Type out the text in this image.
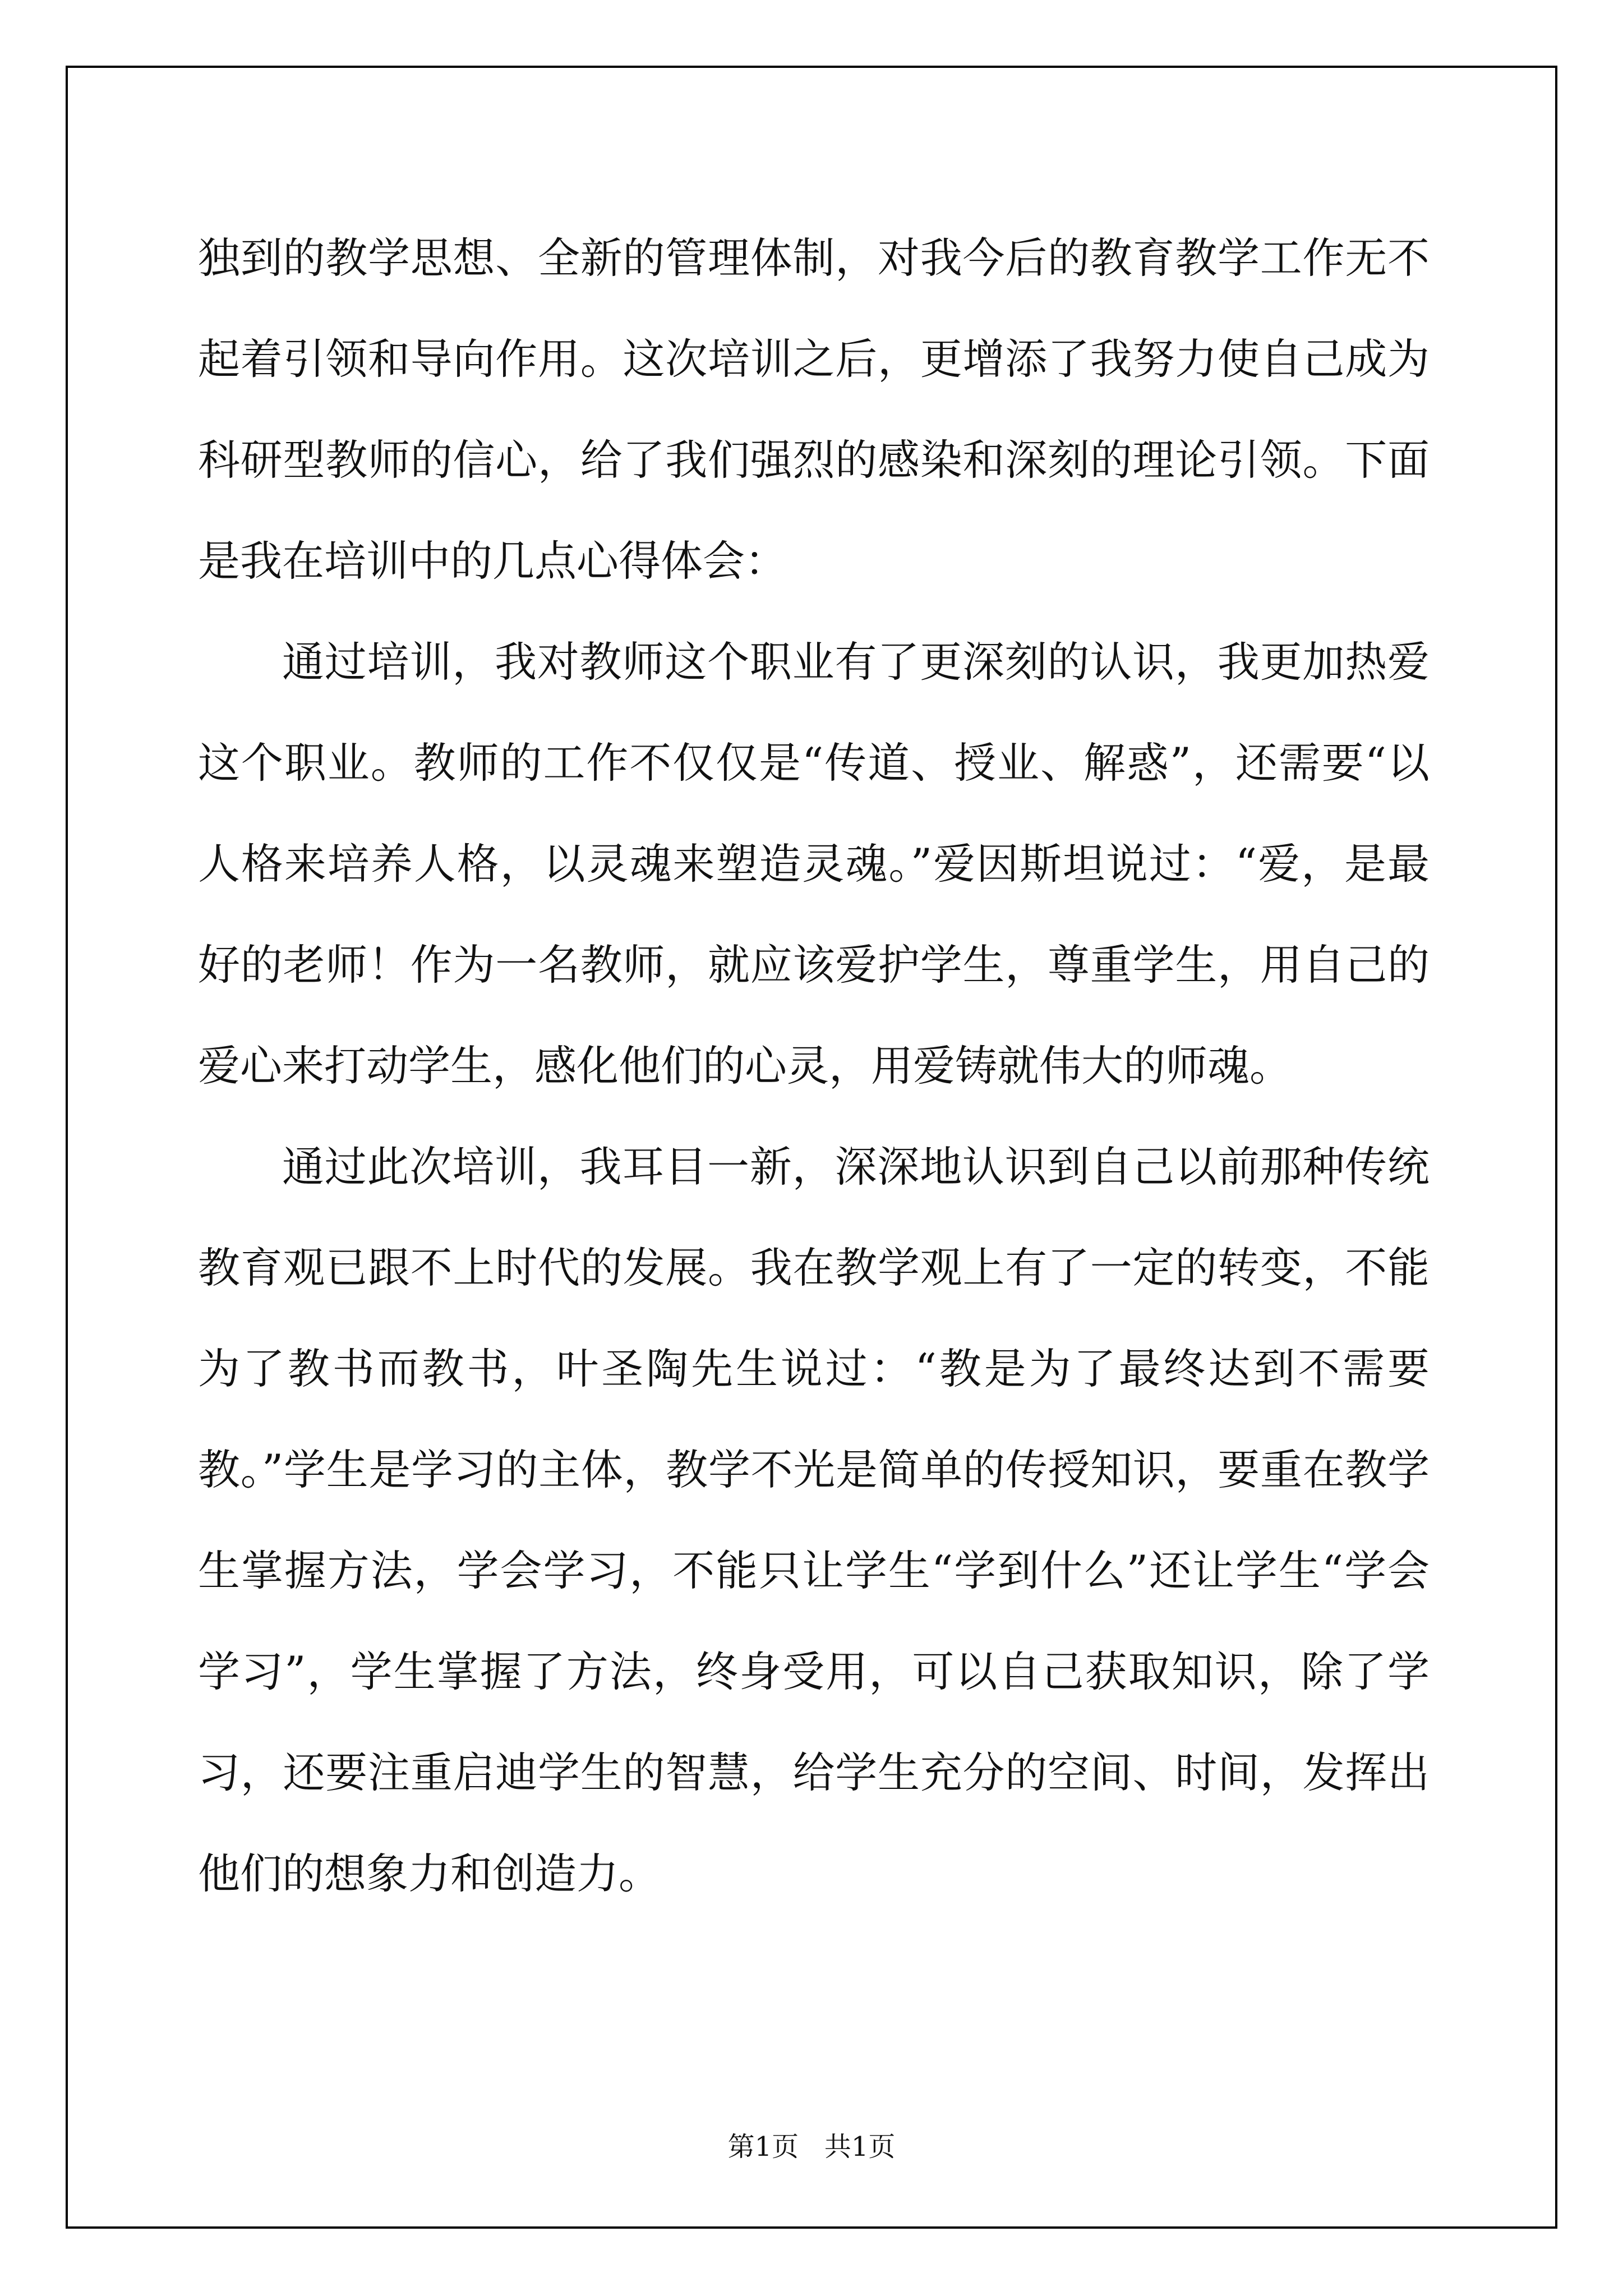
独到的教学思想、全新的管理体制，对我今后的教育教学工作无不起着引领和导向作用。这次培训之后，更增添了我努力使自己成为科研型教师的信心，给了我们强烈的感染和深刻的理论引领。下面是我在培训中的几点心得体会：

通过培训，我对教师这个职业有了更深刻的认识，我更加热爱这个职业。教师的工作不仅仅是“传道、授业、解惑”，还需要“以人格来培养人格，以灵魂来塑造灵魂。”爱因斯坦说过：“爱，是最好的老师！作为一名教师，就应该爱护学生，尊重学生，用自己的爱心来打动学生，感化他们的心灵，用爱铸就伟大的师魂。

通过此次培训，我耳目一新，深深地认识到自己以前那种传统教育观已跟不上时代的发展。我在教学观上有了一定的转变，不能为了教书而教书，叶圣陶先生说过：“教是为了最终达到不需要教。”学生是学习的主体，教学不光是简单的传授知识，要重在教学生掌握方法，学会学习，不能只让学生“学到什么”还让学生“学会学习”，学生掌握了方法，终身受用，可以自己获取知识，除了学习，还要注重启迪学生的智慧，给学生充分的空间、时间，发挥出他们的想象力和创造力。

第1页   共1页
